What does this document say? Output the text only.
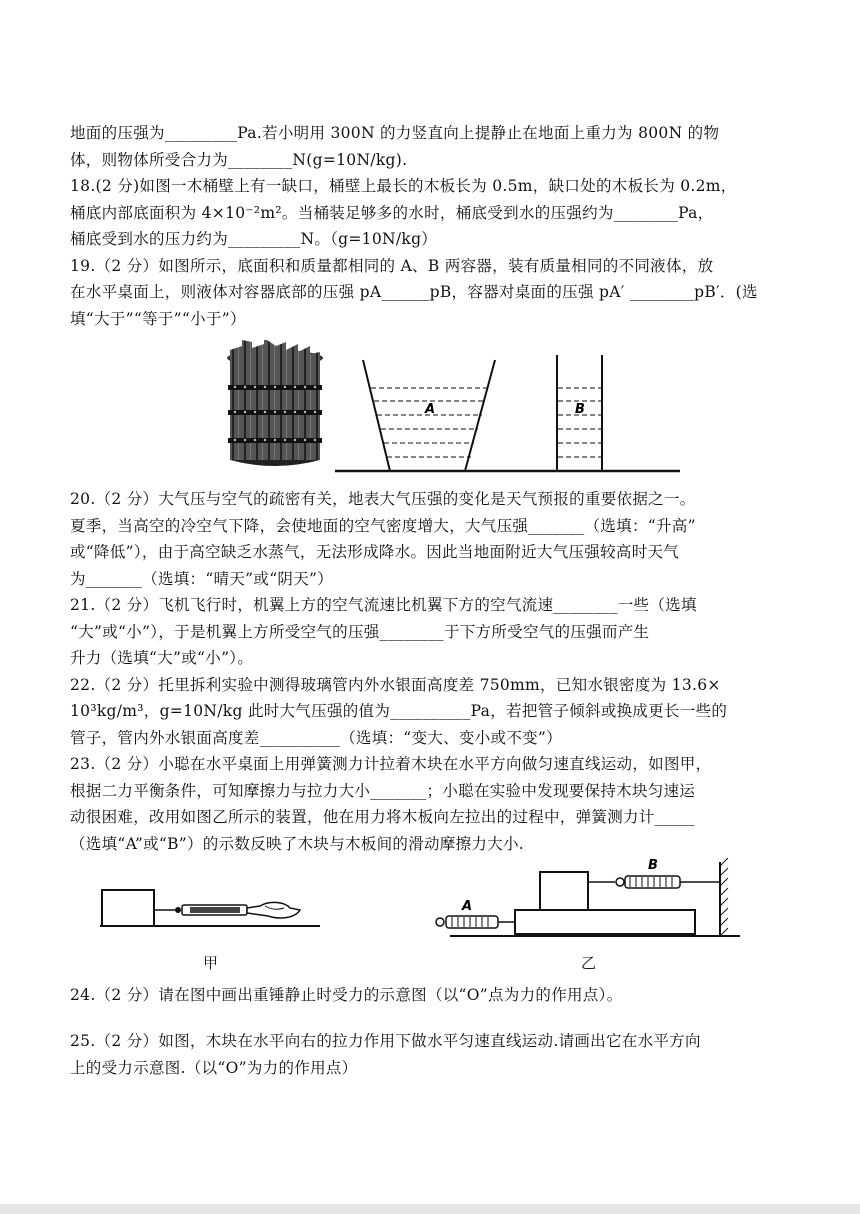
地面的压强为_________Pa.若小明用 300N 的力竖直向上提静止在地面上重力为 800N 的物
体，则物体所受合力为________N(g=10N/kg).
18.(2 分)如图一木桶壁上有一缺口，桶壁上最长的木板长为 0.5m，缺口处的木板长为 0.2m，
桶底内部底面积为 4×10⁻²m²。当桶装足够多的水时，桶底受到水的压强约为________Pa，
桶底受到水的压力约为_________N。（g=10N/kg）
19.（2 分）如图所示，底面积和质量都相同的 A、B 两容器，装有质量相同的不同液体，放
在水平桌面上，则液体对容器底部的压强 pA______pB，容器对桌面的压强 pA′ ________pB′．(选
填“大于”“等于”“小于”）
A	B
20.（2 分）大气压与空气的疏密有关，地表大气压强的变化是天气预报的重要依据之一。
夏季，当高空的冷空气下降，会使地面的空气密度增大，大气压强_______（选填：“升高”
或“降低”），由于高空缺乏水蒸气，无法形成降水。因此当地面附近大气压强较高时天气
为_______（选填：“晴天”或“阴天”）
21.（2 分）飞机飞行时，机翼上方的空气流速比机翼下方的空气流速________一些（选填
“大”或“小”），于是机翼上方所受空气的压强________于下方所受空气的压强而产生
升力（选填“大”或“小”）。
22.（2 分）托里拆利实验中测得玻璃管内外水银面高度差 750mm，已知水银密度为 13.6×
10³kg/m³，g=10N/kg 此时大气压强的值为__________Pa，若把管子倾斜或换成更长一些的
管子，管内外水银面高度差__________（选填：“变大、变小或不变”）
23.（2 分）小聪在水平桌面上用弹簧测力计拉着木块在水平方向做匀速直线运动，如图甲，
根据二力平衡条件，可知摩擦力与拉力大小_______；小聪在实验中发现要保持木块匀速运
动很困难，改用如图乙所示的装置，他在用力将木板向左拉出的过程中，弹簧测力计_____
（选填“A”或“B”）的示数反映了木块与木板间的滑动摩擦力大小.
甲
B
A
乙
24.（2 分）请在图中画出重锤静止时受力的示意图（以“O”点为力的作用点）。
25.（2 分）如图，木块在水平向右的拉力作用下做水平匀速直线运动.请画出它在水平方向
上的受力示意图.（以“O”为力的作用点）
